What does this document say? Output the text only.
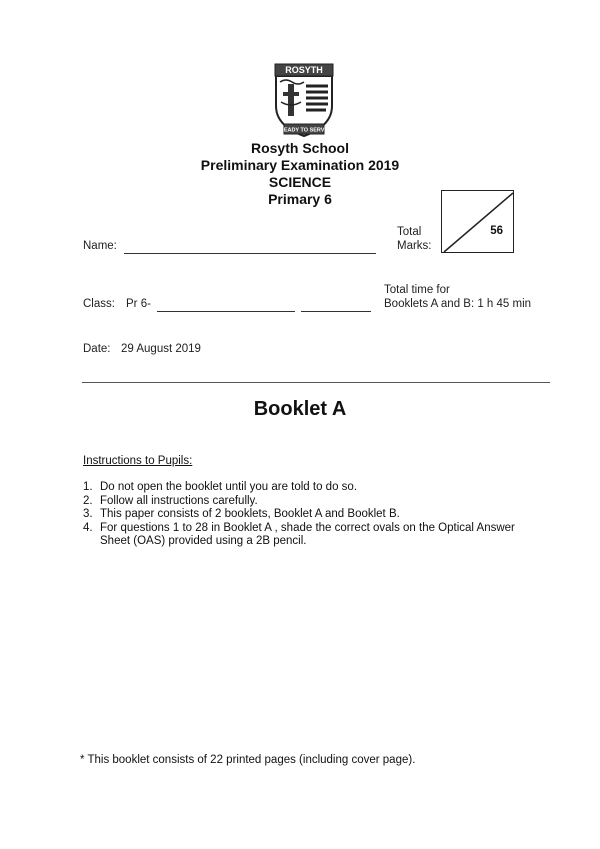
ROSYTH
READY TO SERVE
Rosyth School
Preliminary Examination 2019
SCIENCE
Primary 6
Name:
Total
Marks:
56
Total time for
Booklets A and B: 1 h 45 min
Class: Pr 6-
Date: 29 August 2019
Booklet A
Instructions to Pupils:
1. Do not open the booklet until you are told to do so.
2. Follow all instructions carefully.
3. This paper consists of 2 booklets, Booklet A and Booklet B.
4. For questions 1 to 28 in Booklet A , shade the correct ovals on the Optical Answer Sheet (OAS) provided using a 2B pencil.
* This booklet consists of 22 printed pages (including cover page).
